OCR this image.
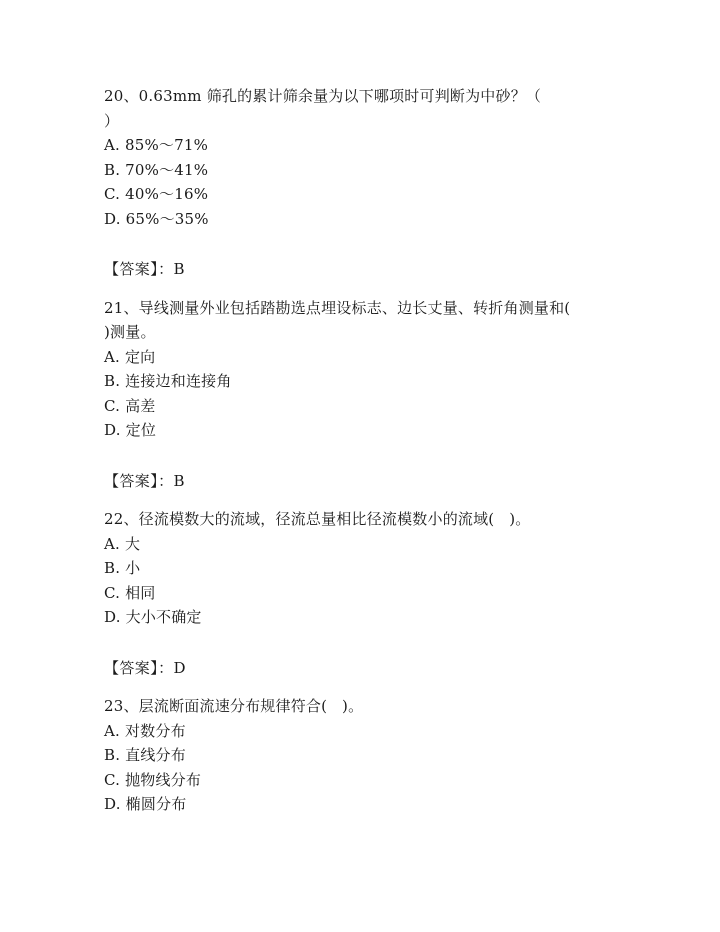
20、0.63mm 筛孔的累计筛余量为以下哪项时可判断为中砂？（
）
A. 85%～71%
B. 70%～41%
C. 40%～16%
D. 65%～35%
【答案】：B
21、导线测量外业包括踏勘选点埋设标志、边长丈量、转折角测量和(
)测量。
A. 定向
B. 连接边和连接角
C. 高差
D. 定位
【答案】：B
22、径流模数大的流域，径流总量相比径流模数小的流域(   )。
A. 大
B. 小
C. 相同
D. 大小不确定
【答案】：D
23、层流断面流速分布规律符合(   )。
A. 对数分布
B. 直线分布
C. 抛物线分布
D. 椭圆分布
